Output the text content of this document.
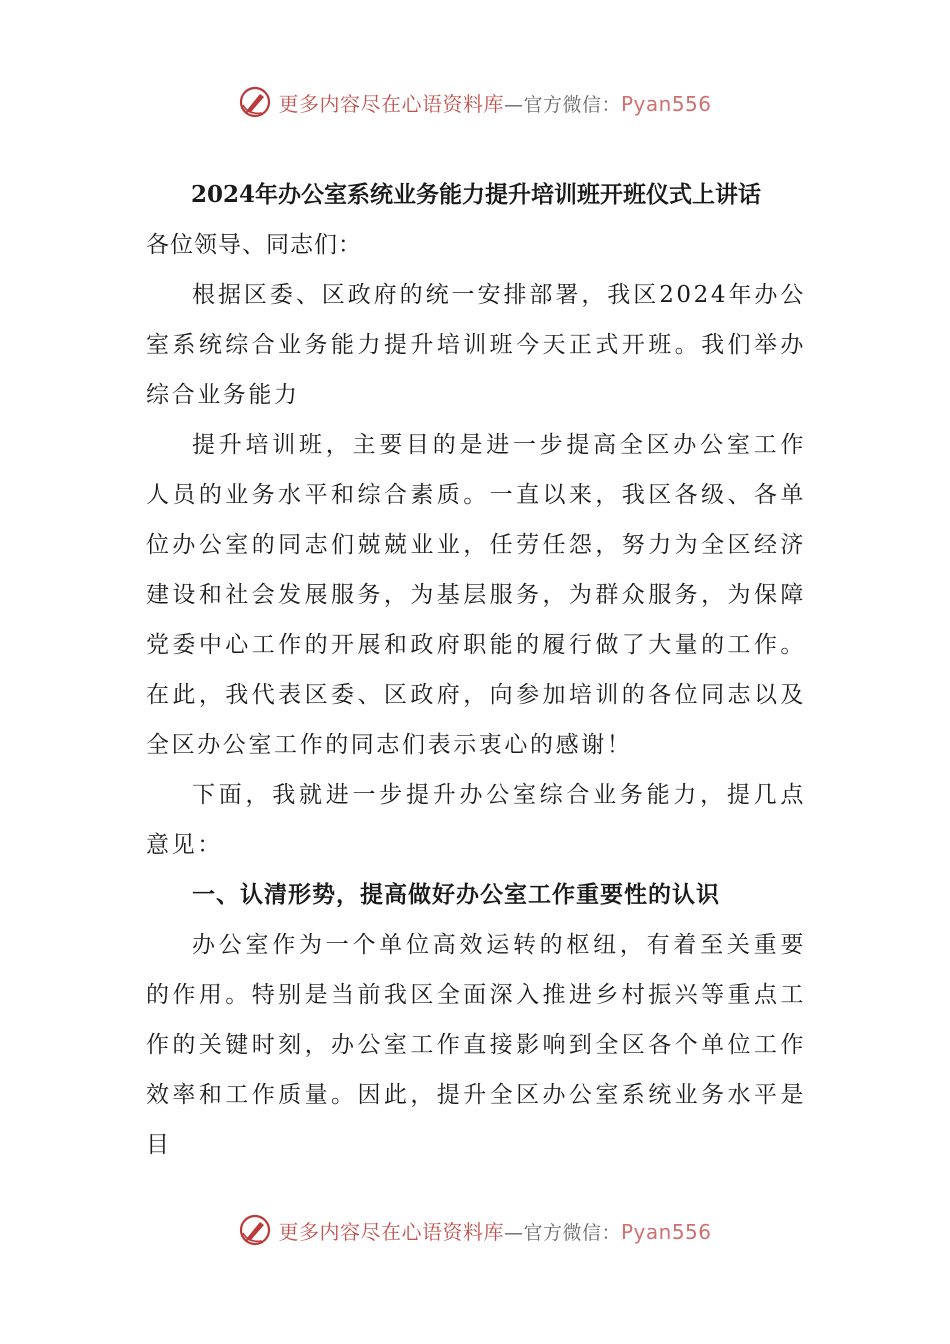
更多内容尽在心语资料库—官方微信：Pyan556

2024年办公室系统业务能力提升培训班开班仪式上讲话

各位领导、同志们：

根据区委、区政府的统一安排部署，我区2024年办公室系统综合业务能力提升培训班今天正式开班。我们举办综合业务能力

提升培训班，主要目的是进一步提高全区办公室工作人员的业务水平和综合素质。一直以来，我区各级、各单位办公室的同志们兢兢业业，任劳任怨，努力为全区经济建设和社会发展服务，为基层服务，为群众服务，为保障党委中心工作的开展和政府职能的履行做了大量的工作。在此，我代表区委、区政府，向参加培训的各位同志以及全区办公室工作的同志们表示衷心的感谢！

下面，我就进一步提升办公室综合业务能力，提几点意见：

一、认清形势，提高做好办公室工作重要性的认识

办公室作为一个单位高效运转的枢纽，有着至关重要的作用。特别是当前我区全面深入推进乡村振兴等重点工作的关键时刻，办公室工作直接影响到全区各个单位工作效率和工作质量。因此，提升全区办公室系统业务水平是目

更多内容尽在心语资料库—官方微信：Pyan556
